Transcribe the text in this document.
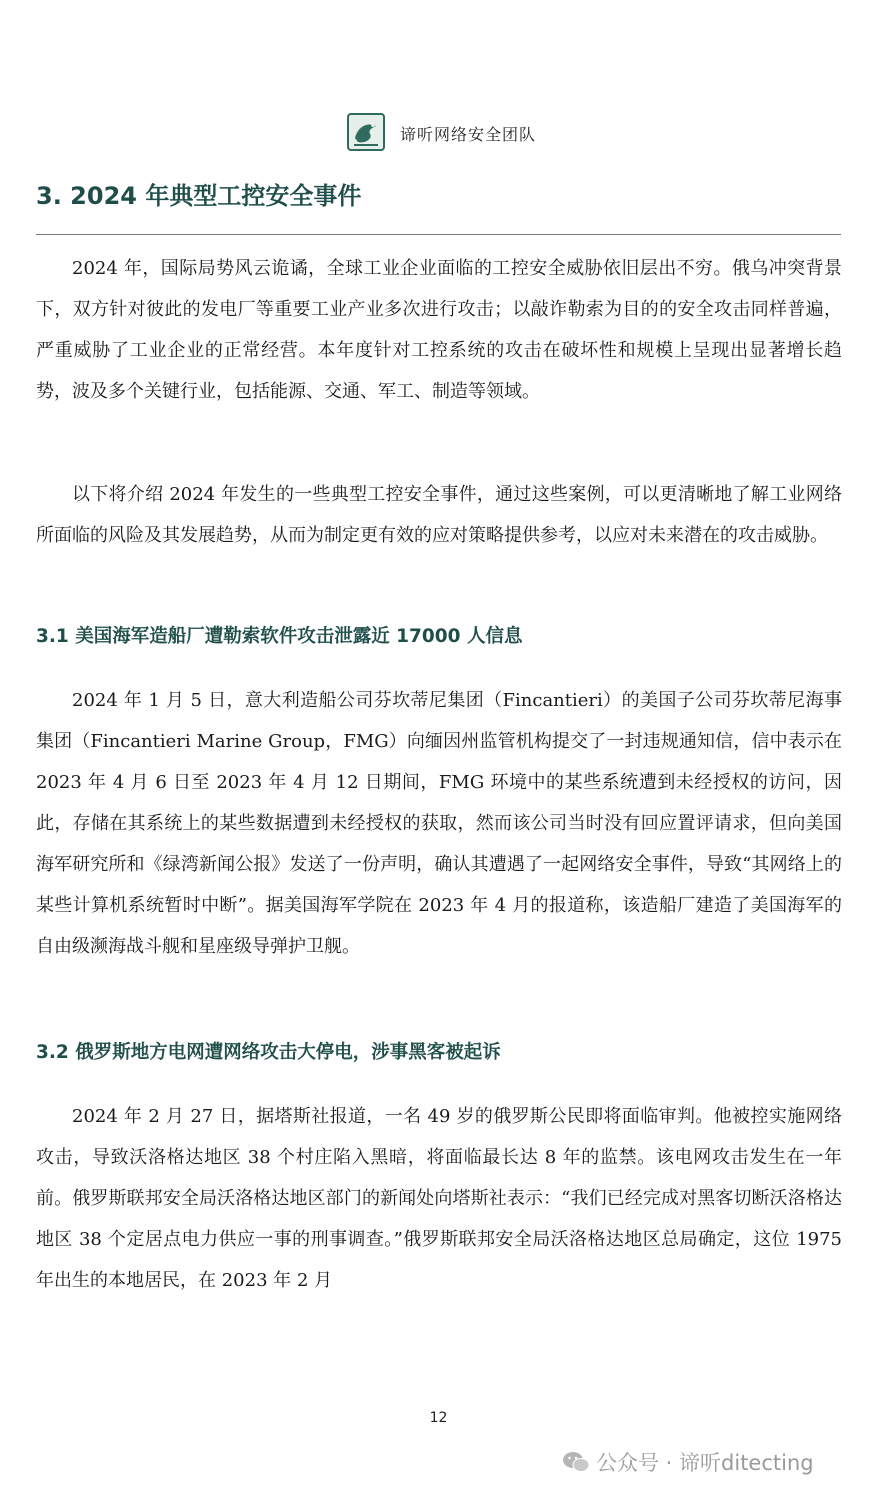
谛听网络安全团队
3. 2024 年典型工控安全事件

2024 年，国际局势风云诡谲，全球工业企业面临的工控安全威胁依旧层出不穷。俄乌冲突背景下，双方针对彼此的发电厂等重要工业产业多次进行攻击；以敲诈勒索为目的的安全攻击同样普遍，严重威胁了工业企业的正常经营。本年度针对工控系统的攻击在破坏性和规模上呈现出显著增长趋势，波及多个关键行业，包括能源、交通、军工、制造等领域。

以下将介绍 2024 年发生的一些典型工控安全事件，通过这些案例，可以更清晰地了解工业网络所面临的风险及其发展趋势，从而为制定更有效的应对策略提供参考，以应对未来潜在的攻击威胁。

3.1 美国海军造船厂遭勒索软件攻击泄露近 17000 人信息

2024 年 1 月 5 日，意大利造船公司芬坎蒂尼集团（Fincantieri）的美国子公司芬坎蒂尼海事集团（Fincantieri Marine Group，FMG）向缅因州监管机构提交了一封违规通知信，信中表示在 2023 年 4 月 6 日至 2023 年 4 月 12 日期间，FMG 环境中的某些系统遭到未经授权的访问，因此，存储在其系统上的某些数据遭到未经授权的获取，然而该公司当时没有回应置评请求，但向美国海军研究所和《绿湾新闻公报》发送了一份声明，确认其遭遇了一起网络安全事件，导致“其网络上的某些计算机系统暂时中断”。据美国海军学院在 2023 年 4 月的报道称，该造船厂建造了美国海军的自由级濒海战斗舰和星座级导弹护卫舰。

3.2 俄罗斯地方电网遭网络攻击大停电，涉事黑客被起诉

2024 年 2 月 27 日，据塔斯社报道，一名 49 岁的俄罗斯公民即将面临审判。他被控实施网络攻击，导致沃洛格达地区 38 个村庄陷入黑暗，将面临最长达 8 年的监禁。该电网攻击发生在一年前。俄罗斯联邦安全局沃洛格达地区部门的新闻处向塔斯社表示：“我们已经完成对黑客切断沃洛格达地区 38 个定居点电力供应一事的刑事调查。”俄罗斯联邦安全局沃洛格达地区总局确定，这位 1975 年出生的本地居民，在 2023 年 2 月

12
公众号 · 谛听ditecting
